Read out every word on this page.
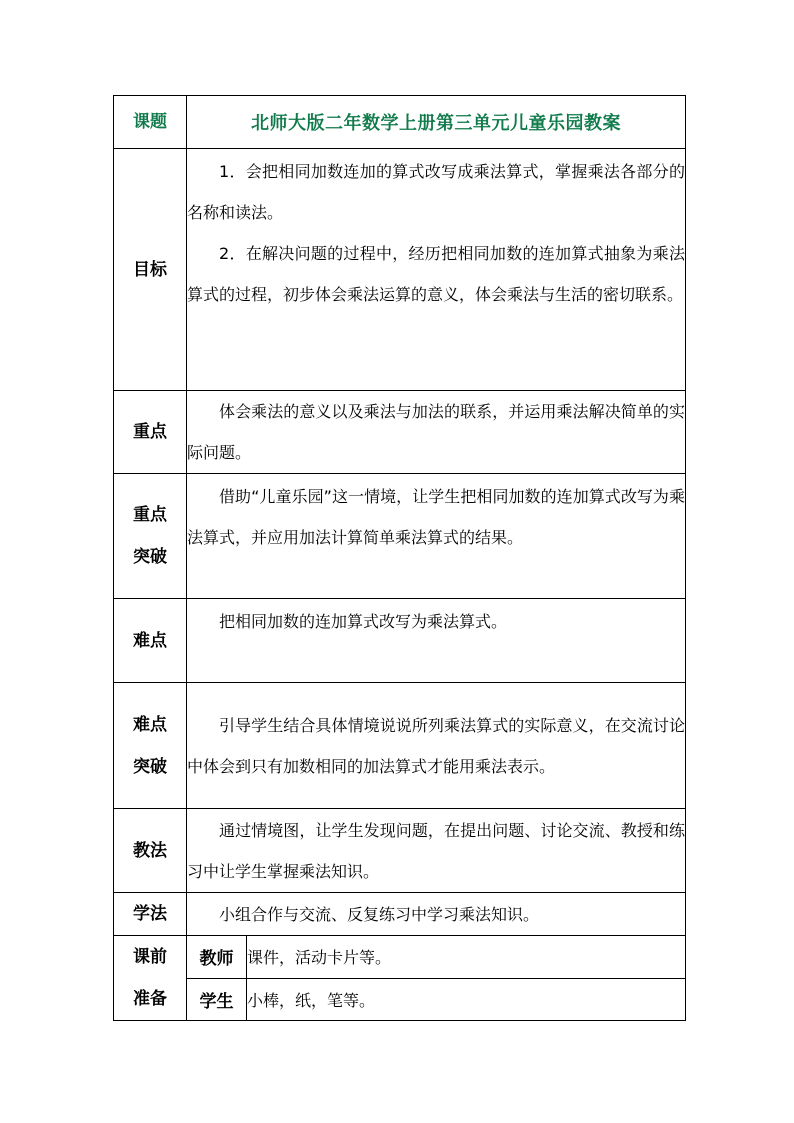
课题	北师大版二年数学上册第三单元儿童乐园教案	
目标	1．会把相同加数连加的算式改写成乘法算式，掌握乘法各部分的名称和读法。

2．在解决问题的过程中，经历把相同加数的连加算式抽象为乘法算式的过程，初步体会乘法运算的意义，体会乘法与生活的密切联系。	

重点	体会乘法的意义以及乘法与加法的联系，并运用乘法解决简单的实际问题。	

重点
突破	借助“儿童乐园”这一情境，让学生把相同加数的连加算式改写为乘法算式，并应用加法计算简单乘法算式的结果。	

难点	把相同加数的连加算式改写为乘法算式。	

难点
突破	引导学生结合具体情境说说所列乘法算式的实际意义，在交流讨论中体会到只有加数相同的加法算式才能用乘法表示。	

教法	通过情境图，让学生发现问题，在提出问题、讨论交流、教授和练习中让学生掌握乘法知识。	

学法	小组合作与交流、反复练习中学习乘法知识。	

课前
准备	教师	课件，活动卡片等。
	学生	小棒，纸，笔等。
